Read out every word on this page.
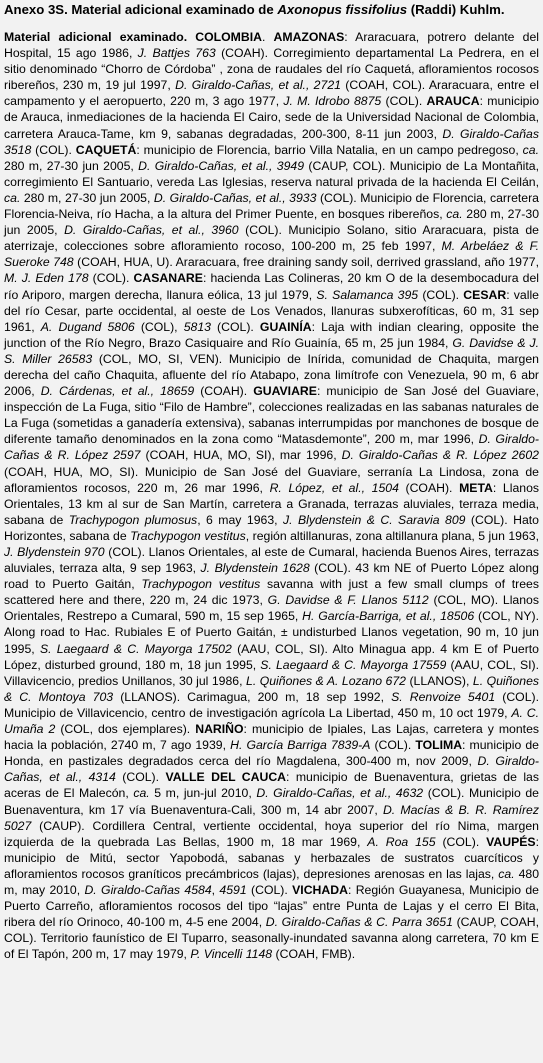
Anexo 3S. Material adicional examinado de Axonopus fissifolius (Raddi) Kuhlm.

Material adicional examinado. COLOMBIA. AMAZONAS: Araracuara, potrero delante del Hospital, 15 ago 1986, J. Battjes 763 (COAH). Corregimiento departamental La Pedrera, en el sitio denominado “Chorro de Córdoba” , zona de raudales del río Caquetá, afloramientos rocosos ribereños, 230 m, 19 jul 1997, D. Giraldo-Cañas, et al., 2721 (COAH, COL). Araracuara, entre el campamento y el aeropuerto, 220 m, 3 ago 1977, J. M. Idrobo 8875 (COL). ARAUCA: municipio de Arauca, inmediaciones de la hacienda El Cairo, sede de la Universidad Nacional de Colombia, carretera Arauca-Tame, km 9, sabanas degradadas, 200-300, 8-11 jun 2003, D. Giraldo-Cañas 3518 (COL). CAQUETÁ: municipio de Florencia, barrio Villa Natalia, en un campo pedregoso, ca. 280 m, 27-30 jun 2005, D. Giraldo-Cañas, et al., 3949 (CAUP, COL). Municipio de La Montañita, corregimiento El Santuario, vereda Las Iglesias, reserva natural privada de la hacienda El Ceilán, ca. 280 m, 27-30 jun 2005, D. Giraldo-Cañas, et al., 3933 (COL). Municipio de Florencia, carretera Florencia-Neiva, río Hacha, a la altura del Primer Puente, en bosques ribereños, ca. 280 m, 27-30 jun 2005, D. Giraldo-Cañas, et al., 3960 (COL). Municipio Solano, sitio Araracuara, pista de aterrizaje, colecciones sobre afloramiento rocoso, 100-200 m, 25 feb 1997, M. Arbeláez & F. Sueroke 748 (COAH, HUA, U). Araracuara, free draining sandy soil, derrived grassland, año 1977, M. J. Eden 178 (COL). CASANARE: hacienda Las Colineras, 20 km O de la desembocadura del río Ariporo, margen derecha, llanura eólica, 13 jul 1979, S. Salamanca 395 (COL). CESAR: valle del río Cesar, parte occidental, al oeste de Los Venados, llanuras subxerofíticas, 60 m, 31 sep 1961, A. Dugand 5806 (COL), 5813 (COL). GUAINÍA: Laja with indian clearing, opposite the junction of the Río Negro, Brazo Casiquaire and Río Guainía, 65 m, 25 jun 1984, G. Davidse & J. S. Miller 26583 (COL, MO, SI, VEN). Municipio de Inírida, comunidad de Chaquita, margen derecha del caño Chaquita, afluente del río Atabapo, zona limítrofe con Venezuela, 90 m, 6 abr 2006, D. Cárdenas, et al., 18659 (COAH). GUAVIARE: municipio de San José del Guaviare, inspección de La Fuga, sitio “Filo de Hambre”, colecciones realizadas en las sabanas naturales de La Fuga (sometidas a ganadería extensiva), sabanas interrumpidas por manchones de bosque de diferente tamaño denominados en la zona como “Matasdemonte”, 200 m, mar 1996, D. Giraldo-Cañas & R. López 2597 (COAH, HUA, MO, SI), mar 1996, D. Giraldo-Cañas & R. López 2602 (COAH, HUA, MO, SI). Municipio de San José del Guaviare, serranía La Lindosa, zona de afloramientos rocosos, 220 m, 26 mar 1996, R. López, et al., 1504 (COAH). META: Llanos Orientales, 13 km al sur de San Martín, carretera a Granada, terrazas aluviales, terraza media, sabana de Trachypogon plumosus, 6 may 1963, J. Blydenstein & C. Saravia 809 (COL). Hato Horizontes, sabana de Trachypogon vestitus, región altillanuras, zona altillanura plana, 5 jun 1963, J. Blydenstein 970 (COL). Llanos Orientales, al este de Cumaral, hacienda Buenos Aires, terrazas aluviales, terraza alta, 9 sep 1963, J. Blydenstein 1628 (COL). 43 km NE of Puerto López along road to Puerto Gaitán, Trachypogon vestitus savanna with just a few small clumps of trees scattered here and there, 220 m, 24 dic 1973, G. Davidse & F. Llanos 5112 (COL, MO). Llanos Orientales, Restrepo a Cumaral, 590 m, 15 sep 1965, H. García-Barriga, et al., 18506 (COL, NY). Along road to Hac. Rubiales E of Puerto Gaitán, ± undisturbed Llanos vegetation, 90 m, 10 jun 1995, S. Laegaard & C. Mayorga 17502 (AAU, COL, SI). Alto Minagua app. 4 km E of Puerto López, disturbed ground, 180 m, 18 jun 1995, S. Laegaard & C. Mayorga 17559 (AAU, COL, SI). Villavicencio, predios Unillanos, 30 jul 1986, L. Quiñones & A. Lozano 672 (LLANOS), L. Quiñones & C. Montoya 703 (LLANOS). Carimagua, 200 m, 18 sep 1992, S. Renvoize 5401 (COL). Municipio de Villavicencio, centro de investigación agrícola La Libertad, 450 m, 10 oct 1979, A. C. Umaña 2 (COL, dos ejemplares). NARIÑO: municipio de Ipiales, Las Lajas, carretera y montes hacia la población, 2740 m, 7 ago 1939, H. García Barriga 7839-A (COL). TOLIMA: municipio de Honda, en pastizales degradados cerca del río Magdalena, 300-400 m, nov 2009, D. Giraldo-Cañas, et al., 4314 (COL). VALLE DEL CAUCA: municipio de Buenaventura, grietas de las aceras de El Malecón, ca. 5 m, jun-jul 2010, D. Giraldo-Cañas, et al., 4632 (COL). Municipio de Buenaventura, km 17 vía Buenaventura-Cali, 300 m, 14 abr 2007, D. Macías & B. R. Ramírez 5027 (CAUP). Cordillera Central, vertiente occidental, hoya superior del río Nima, margen izquierda de la quebrada Las Bellas, 1900 m, 18 mar 1969, A. Roa 155 (COL). VAUPÉS: municipio de Mitú, sector Yapobodá, sabanas y herbazales de sustratos cuarcíticos y afloramientos rocosos graníticos precámbricos (lajas), depresiones arenosas en las lajas, ca. 480 m, may 2010, D. Giraldo-Cañas 4584, 4591 (COL). VICHADA: Región Guayanesa, Municipio de Puerto Carreño, afloramientos rocosos del tipo “lajas” entre Punta de Lajas y el cerro El Bita, ribera del río Orinoco, 40-100 m, 4-5 ene 2004, D. Giraldo-Cañas & C. Parra 3651 (CAUP, COAH, COL). Territorio faunístico de El Tuparro, seasonally-inundated savanna along carretera, 70 km E of El Tapón, 200 m, 17 may 1979, P. Vincelli 1148 (COAH, FMB).
